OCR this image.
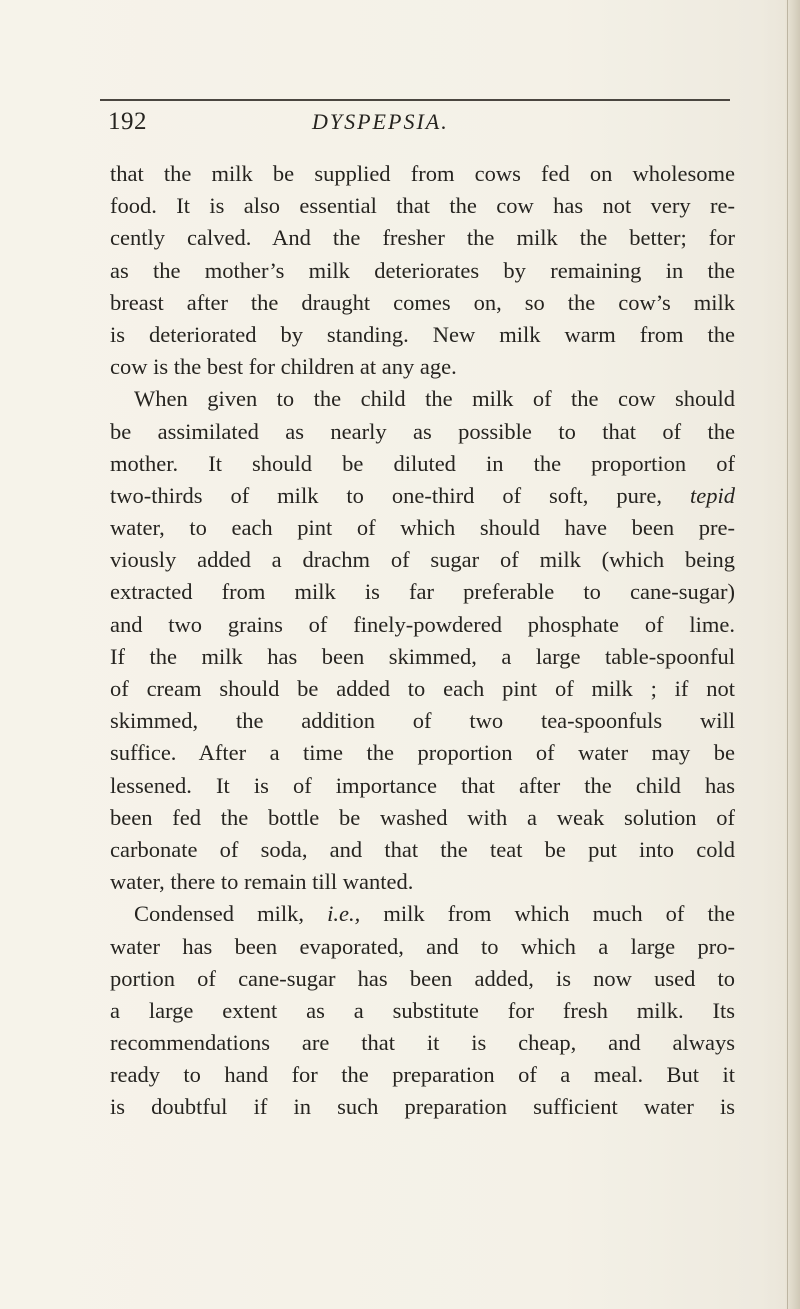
192	DYSPEPSIA.
that the milk be supplied from cows fed on wholesome
food. It is also essential that the cow has not very re-
cently calved. And the fresher the milk the better; for
as the mother’s milk deteriorates by remaining in the
breast after the draught comes on, so the cow’s milk
is deteriorated by standing. New milk warm from the
cow is the best for children at any age.
When given to the child the milk of the cow should
be assimilated as nearly as possible to that of the
mother. It should be diluted in the proportion of
two-thirds of milk to one-third of soft, pure, tepid
water, to each pint of which should have been pre-
viously added a drachm of sugar of milk (which being
extracted from milk is far preferable to cane-sugar)
and two grains of finely-powdered phosphate of lime.
If the milk has been skimmed, a large table-spoonful
of cream should be added to each pint of milk ; if not
skimmed, the addition of two tea-spoonfuls will
suffice. After a time the proportion of water may be
lessened. It is of importance that after the child has
been fed the bottle be washed with a weak solution of
carbonate of soda, and that the teat be put into cold
water, there to remain till wanted.
Condensed milk, i.e., milk from which much of the
water has been evaporated, and to which a large pro-
portion of cane-sugar has been added, is now used to
a large extent as a substitute for fresh milk. Its
recommendations are that it is cheap, and always
ready to hand for the preparation of a meal. But it
is doubtful if in such preparation sufficient water is
